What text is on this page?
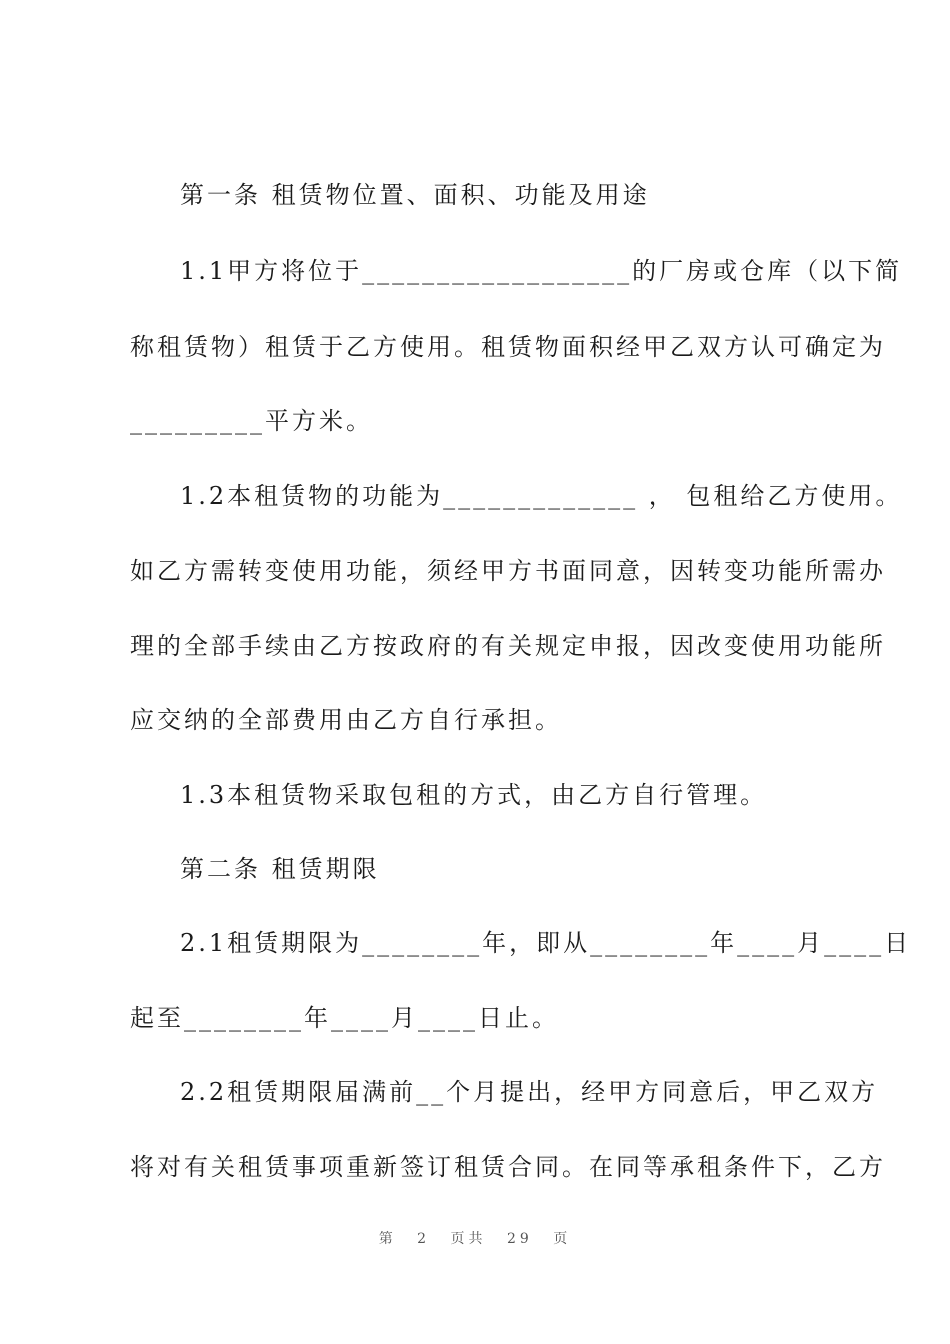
第一条 租赁物位置、面积、功能及用途
1.1甲方将位于__________________的厂房或仓库（以下简
称租赁物）租赁于乙方使用。租赁物面积经甲乙双方认可确定为
_________平方米。
1.2本租赁物的功能为_____________ ， 包租给乙方使用。
如乙方需转变使用功能，须经甲方书面同意，因转变功能所需办
理的全部手续由乙方按政府的有关规定申报，因改变使用功能所
应交纳的全部费用由乙方自行承担。
1.3本租赁物采取包租的方式，由乙方自行管理。
第二条 租赁期限
2.1租赁期限为________年，即从________年____月____日
起至________年____月____日止。
2.2租赁期限届满前__个月提出，经甲方同意后，甲乙双方
将对有关租赁事项重新签订租赁合同。在同等承租条件下，乙方
第 2 页共 29 页
